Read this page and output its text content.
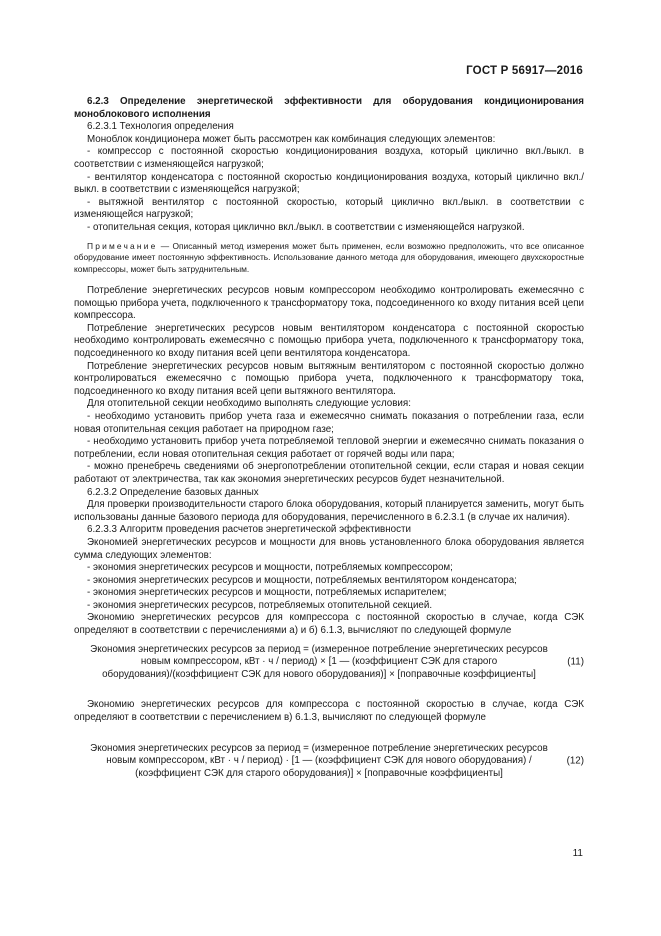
ГОСТ Р 56917—2016

6.2.3 Определение энергетической эффективности для оборудования кондиционирования моноблокового исполнения

6.2.3.1 Технология определения

Моноблок кондиционера может быть рассмотрен как комбинация следующих элементов:

- компрессор с постоянной скоростью кондиционирования воздуха, который циклично вкл./выкл. в соответствии с изменяющейся нагрузкой;

- вентилятор конденсатора с постоянной скоростью кондиционирования воздуха, который циклично вкл./выкл. в соответствии с изменяющейся нагрузкой;

- вытяжной вентилятор с постоянной скоростью, который циклично вкл./выкл. в соответствии с изменяющейся нагрузкой;

- отопительная секция, которая циклично вкл./выкл. в соответствии с изменяющейся нагрузкой.

Примечание — Описанный метод измерения может быть применен, если возможно предположить, что все описанное оборудование имеет постоянную эффективность. Использование данного метода для оборудования, имеющего двухскоростные компрессоры, может быть затруднительным.

Потребление энергетических ресурсов новым компрессором необходимо контролировать ежемесячно с помощью прибора учета, подключенного к трансформатору тока, подсоединенного ко входу питания всей цепи компрессора.

Потребление энергетических ресурсов новым вентилятором конденсатора с постоянной скоростью необходимо контролировать ежемесячно с помощью прибора учета, подключенного к трансформатору тока, подсоединенного ко входу питания всей цепи вентилятора конденсатора.

Потребление энергетических ресурсов новым вытяжным вентилятором с постоянной скоростью должно контролироваться ежемесячно с помощью прибора учета, подключенного к трансформатору тока, подсоединенного ко входу питания всей цепи вытяжного вентилятора.

Для отопительной секции необходимо выполнять следующие условия:

- необходимо установить прибор учета газа и ежемесячно снимать показания о потреблении газа, если новая отопительная секция работает на природном газе;

- необходимо установить прибор учета потребляемой тепловой энергии и ежемесячно снимать показания о потреблении, если новая отопительная секция работает от горячей воды или пара;

- можно пренебречь сведениями об энергопотреблении отопительной секции, если старая и новая секции работают от электричества, так как экономия энергетических ресурсов будет незначительной.

6.2.3.2 Определение базовых данных

Для проверки производительности старого блока оборудования, который планируется заменить, могут быть использованы данные базового периода для оборудования, перечисленного в 6.2.3.1 (в случае их наличия).

6.2.3.3 Алгоритм проведения расчетов энергетической эффективности

Экономией энергетических ресурсов и мощности для вновь установленного блока оборудования является сумма следующих элементов:

- экономия энергетических ресурсов и мощности, потребляемых компрессором;

- экономия энергетических ресурсов и мощности, потребляемых вентилятором конденсатора;

- экономия энергетических ресурсов и мощности, потребляемых испарителем;

- экономия энергетических ресурсов, потребляемых отопительной секцией.

Экономию энергетических ресурсов для компрессора с постоянной скоростью в случае, когда СЭК определяют в соответствии с перечислениями а) и б) 6.1.3, вычисляют по следующей формуле

Экономия энергетических ресурсов за период = (измеренное потребление энергетических ресурсов новым компрессором, кВт · ч / период) × [1 — (коэффициент СЭК для старого оборудования)/(коэффициент СЭК для нового оборудования)] × [поправочные коэффициенты]
(11)

Экономию энергетических ресурсов для компрессора с постоянной скоростью в случае, когда СЭК определяют в соответствии с перечислением в) 6.1.3, вычисляют по следующей формуле

Экономия энергетических ресурсов за период = (измеренное потребление энергетических ресурсов новым компрессором, кВт · ч / период) · [1 — (коэффициент СЭК для нового оборудования) / (коэффициент СЭК для старого оборудования)] × [поправочные коэффициенты]
(12)
11
